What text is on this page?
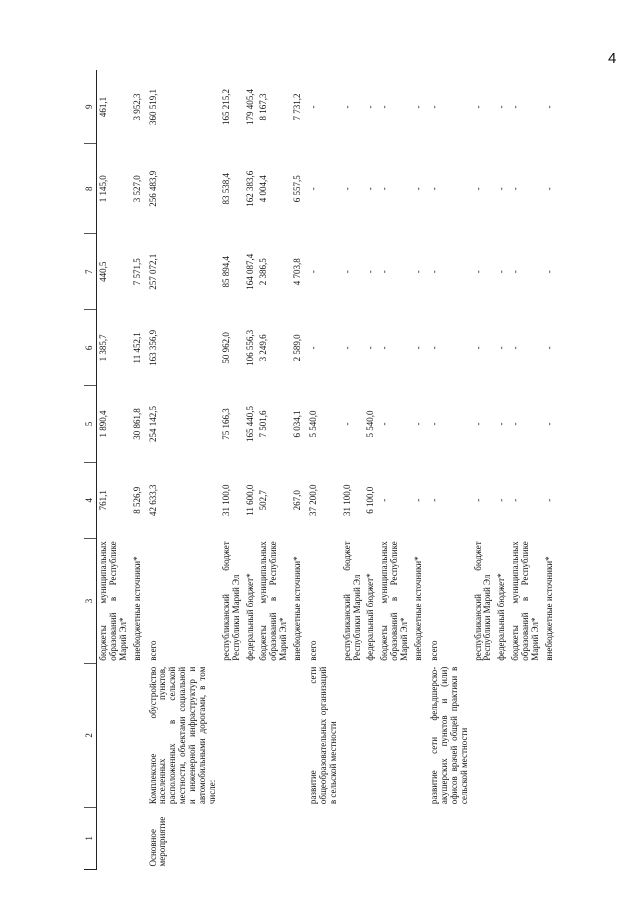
4
1	2	3	4	5	6	7	8	9
		бюджеты муниципальных образований в Республике Марий Эл*	761,1	1 890,4	1 385,7	440,5	1 145,0	461,1
		внебюджетные источники*	8 526,9	30 861,8	11 452,1	7 571,5	3 527,0	3 952,3
Основное мероприятие	Комплексное обустройство населенных пунктов, расположенных в сельской местности, объектами социальной и инженерной инфраструктур и автомобильными дорогами, в том числе:	всего	42 633,3	254 142,5	163 356,9	257 072,1	256 483,9	360 519,1
		республиканский бюджет Республики Марий Эл	31 100,0	75 166,3	50 962,0	85 894,4	83 538,4	165 215,2
		федеральный бюджет*	11 600,0	165 440,5	106 556,3	164 087,4	162 383,6	179 405,4
		бюджеты муниципальных образований в Республике Марий Эл*	502,7	7 501,6	3 249,6	2 386,5	4 004,4	8 167,3
		внебюджетные источники*	267,0	6 034,1	2 589,0	4 703,8	6 557,5	7 731,2
	развитие сети общеобразовательных организаций в сельской местности	всего	37 200,0	5 540,0	-	-	-	-
		республиканский бюджет Республики Марий Эл	31 100,0	-	-	-	-	-
		федеральный бюджет*	6 100,0	5 540,0	-	-	-	-
		бюджеты муниципальных образований в Республике Марий Эл*	-	-	-	-	-	-
		внебюджетные источники*	-	-	-	-	-	-
	развитие сети фельдшерско-акушерских пунктов и (или) офисов врачей общей практики в сельской местности	всего	-	-	-	-	-	-
		республиканский бюджет Республики Марий Эл	-	-	-	-	-	-
		федеральный бюджет*	-	-	-	-	-	-
		бюджеты муниципальных образований в Республике Марий Эл*	-	-	-	-	-	-
		внебюджетные источники*	-	-	-	-	-	-
